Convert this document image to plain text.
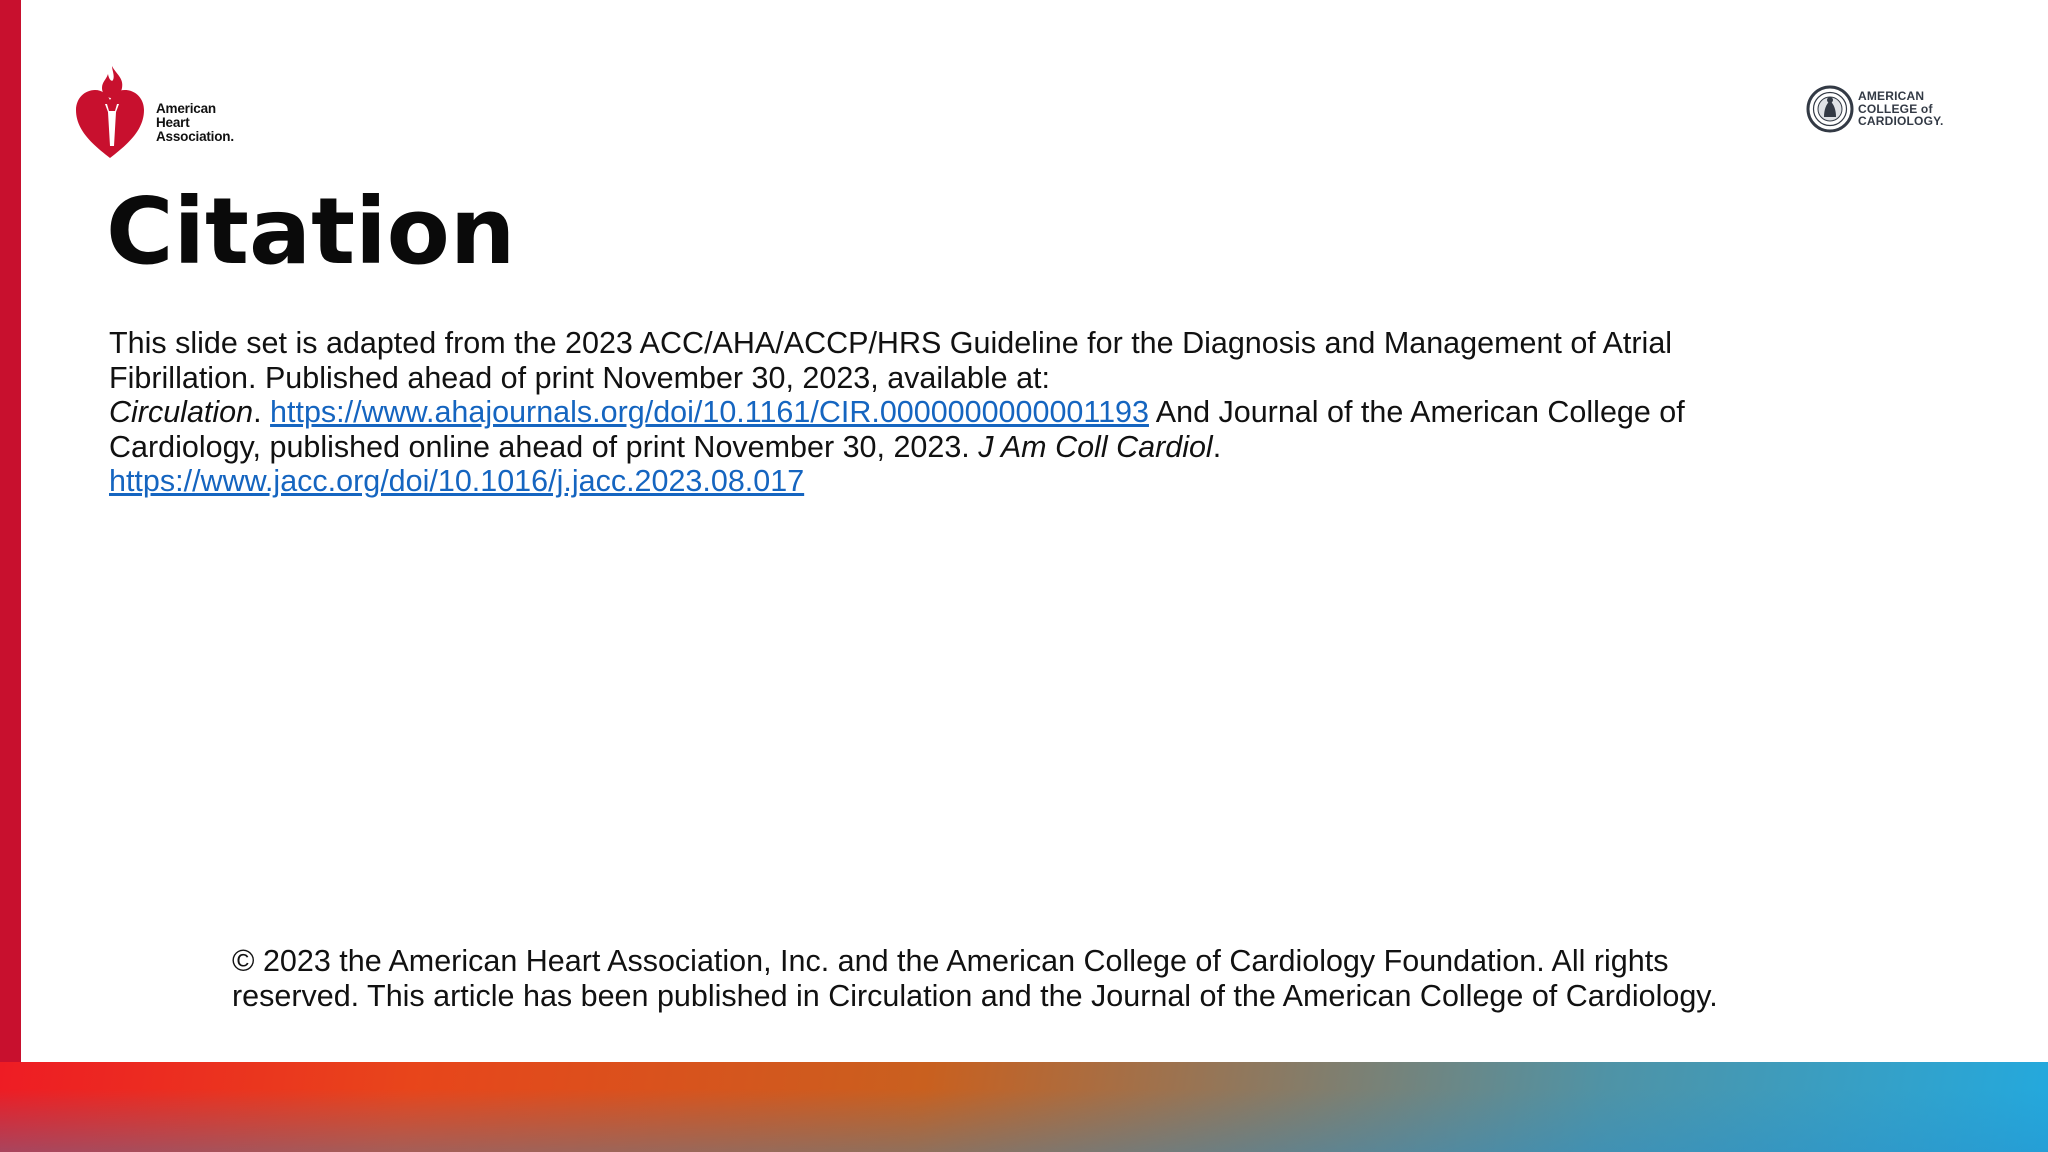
American
Heart
Association.
AMERICAN
COLLEGE of
CARDIOLOGY.
Citation
This slide set is adapted from the 2023 ACC/AHA/ACCP/HRS Guideline for the Diagnosis and Management of Atrial
Fibrillation. Published ahead of print November 30, 2023, available at:
Circulation. https://www.ahajournals.org/doi/10.1161/CIR.0000000000001193 And Journal of the American College of
Cardiology, published online ahead of print November 30, 2023. J Am Coll Cardiol.
https://www.jacc.org/doi/10.1016/j.jacc.2023.08.017
© 2023 the American Heart Association, Inc. and the American College of Cardiology Foundation. All rights
reserved. This article has been published in Circulation and the Journal of the American College of Cardiology.
